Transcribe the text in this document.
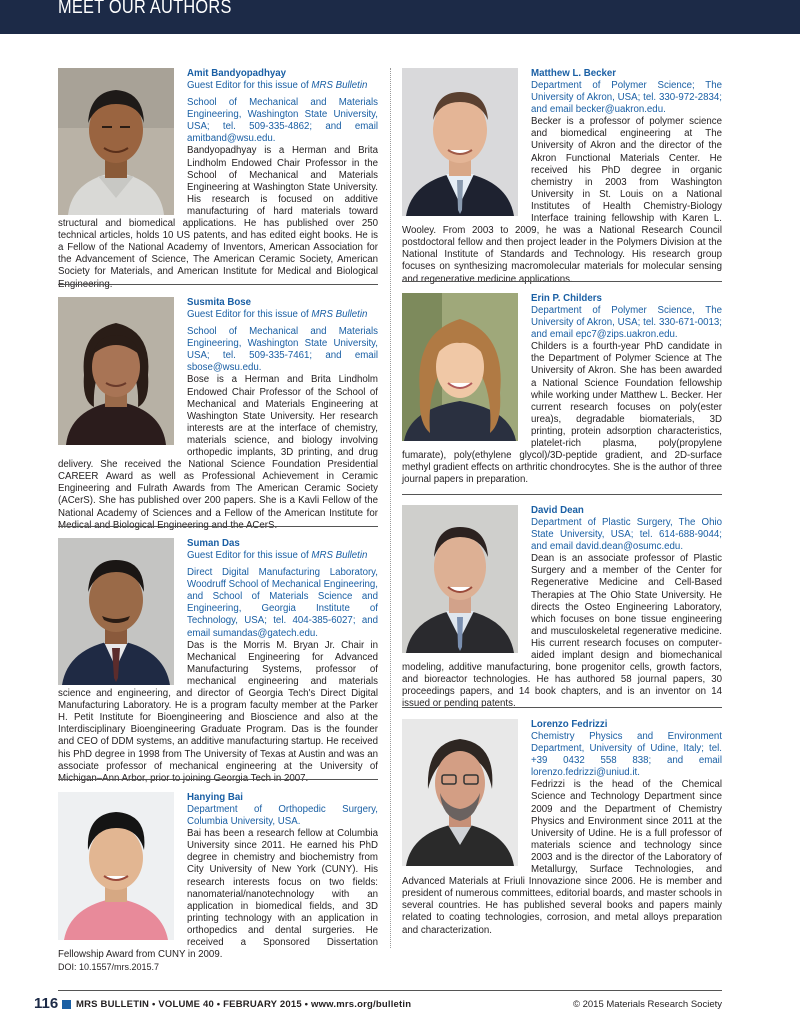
MEET OUR AUTHORS
Amit Bandyopadhyay
Guest Editor for this issue of MRS Bulletin
School of Mechanical and Materials Engineering, Washington State University, USA; tel. 509-335-4862; and email amitband@wsu.edu.
Bandyopadhyay is a Herman and Brita Lindholm Endowed Chair Professor in the School of Mechanical and Materials Engineering at Washington State University. His research is focused on additive manufacturing of hard materials toward structural and biomedical applications. He has published over 250 technical articles, holds 10 US patents, and has edited eight books. He is a Fellow of the National Academy of Inventors, American Association for the Advancement of Science, The American Ceramic Society, American Society for Materials, and American Institute for Medical and Biological Engineering.
Susmita Bose
Guest Editor for this issue of MRS Bulletin
School of Mechanical and Materials Engineering, Washington State University, USA; tel. 509-335-7461; and email sbose@wsu.edu.
Bose is a Herman and Brita Lindholm Endowed Chair Professor of the School of Mechanical and Materials Engineering at Washington State University. Her research interests are at the interface of chemistry, materials science, and biology involving orthopedic implants, 3D printing, and drug delivery. She received the National Science Foundation Presidential CAREER Award as well as Professional Achievement in Ceramic Engineering and Fulrath Awards from The American Ceramic Society (ACerS). She has published over 200 papers. She is a Kavli Fellow of the National Academy of Sciences and a Fellow of the American Institute for Medical and Biological Engineering and the ACerS.
Suman Das
Guest Editor for this issue of MRS Bulletin
Direct Digital Manufacturing Laboratory, Woodruff School of Mechanical Engineering, and School of Materials Science and Engineering, Georgia Institute of Technology, USA; tel. 404-385-6027; and email sumandas@gatech.edu.
Das is the Morris M. Bryan Jr. Chair in Mechanical Engineering for Advanced Manufacturing Systems, professor of mechanical engineering and materials science and engineering, and director of Georgia Tech's Direct Digital Manufacturing Laboratory. He is a program faculty member at the Parker H. Petit Institute for Bioengineering and Bioscience and also at the Interdisciplinary Bioengineering Graduate Program. Das is the founder and CEO of DDM systems, an additive manufacturing startup. He received his PhD degree in 1998 from The University of Texas at Austin and was an associate professor of mechanical engineering at the University of Michigan–Ann Arbor, prior to joining Georgia Tech in 2007.
Hanying Bai
Department of Orthopedic Surgery, Columbia University, USA.
Bai has been a research fellow at Columbia University since 2011. He earned his PhD degree in chemistry and biochemistry from City University of New York (CUNY). His research interests focus on two fields: nanomaterial/nanotechnology with an application in biomedical fields, and 3D printing technology with an application in orthopedics and dental surgeries. He received a Sponsored Dissertation Fellowship Award from CUNY in 2009.
Matthew L. Becker
Department of Polymer Science; The University of Akron, USA; tel. 330-972-2834; and email becker@uakron.edu.
Becker is a professor of polymer science and biomedical engineering at The University of Akron and the director of the Akron Functional Materials Center. He received his PhD degree in organic chemistry in 2003 from Washington University in St. Louis on a National Institutes of Health Chemistry-Biology Interface training fellowship with Karen L. Wooley. From 2003 to 2009, he was a National Research Council postdoctoral fellow and then project leader in the Polymers Division at the National Institute of Standards and Technology. His research group focuses on synthesizing macromolecular materials for molecular sensing and regenerative medicine applications.
Erin P. Childers
Department of Polymer Science, The University of Akron, USA; tel. 330-671-0013; and email epc7@zips.uakron.edu.
Childers is a fourth-year PhD candidate in the Department of Polymer Science at The University of Akron. She has been awarded a National Science Foundation fellowship while working under Matthew L. Becker. Her current research focuses on poly(ester urea)s, degradable biomaterials, 3D printing, protein adsorption characteristics, platelet-rich plasma, poly(propylene fumarate), poly(ethylene glycol)/3D-peptide gradient, and 2D-surface methyl gradient effects on arthritic chondrocytes. She is the author of three journal papers in preparation.
David Dean
Department of Plastic Surgery, The Ohio State University, USA; tel. 614-688-9044; and email david.dean@osumc.edu.
Dean is an associate professor of Plastic Surgery and a member of the Center for Regenerative Medicine and Cell-Based Therapies at The Ohio State University. He directs the Osteo Engineering Laboratory, which focuses on bone tissue engineering and musculoskeletal regenerative medicine. His current research focuses on computer-aided implant design and biomechanical modeling, additive manufacturing, bone progenitor cells, growth factors, and bioreactor technologies. He has authored 58 journal papers, 30 proceedings papers, and 14 book chapters, and is an inventor on 14 issued or pending patents.
Lorenzo Fedrizzi
Chemistry Physics and Environment Department, University of Udine, Italy; tel. +39 0432 558 838; and email lorenzo.fedrizzi@uniud.it.
Fedrizzi is the head of the Chemical Science and Technology Department since 2009 and the Department of Chemistry Physics and Environment since 2011 at the University of Udine. He is a full professor of materials science and technology since 2003 and is the director of the Laboratory of Metallurgy, Surface Technologies, and Advanced Materials at Friuli Innovazione since 2006. He is member and president of numerous committees, editorial boards, and master schools in several countries. He has published several books and papers mainly related to coating technologies, corrosion, and metal alloys preparation and characterization.
DOI: 10.1557/mrs.2015.7
116 MRS BULLETIN • VOLUME 40 • FEBRUARY 2015 • www.mrs.org/bulletin	© 2015 Materials Research Society
